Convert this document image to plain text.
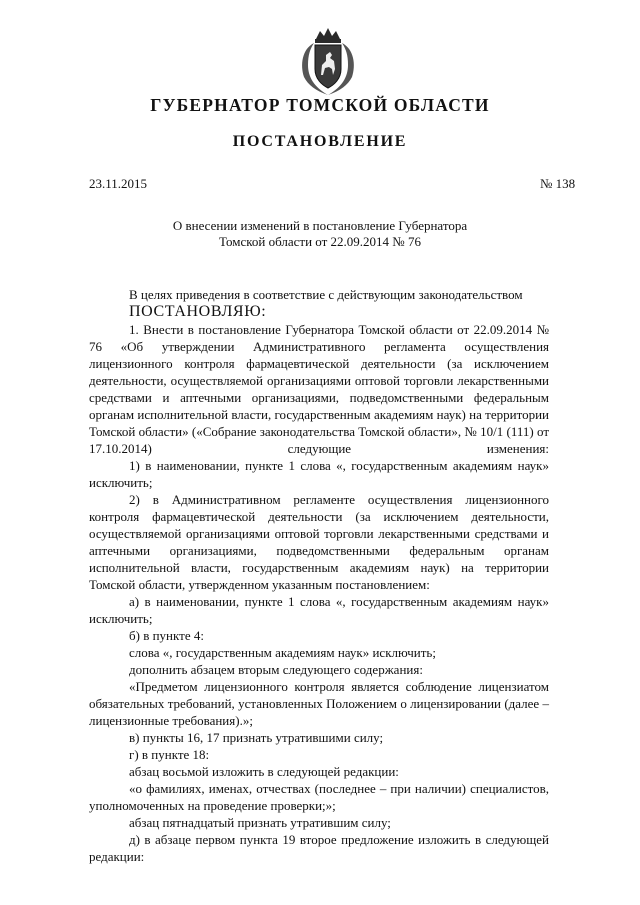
ГУБЕРНАТОР ТОМСКОЙ ОБЛАСТИ
ПОСТАНОВЛЕНИЕ
23.11.2015	№ 138
О внесении изменений в постановление Губернатора
Томской области от 22.09.2014 № 76
В целях приведения в соответствие с действующим законодательством
ПОСТАНОВЛЯЮ:
1. Внести в постановление Губернатора Томской области от 22.09.2014 № 76 «Об утверждении Административного регламента осуществления лицензионного контроля фармацевтической деятельности (за исключением деятельности, осуществляемой организациями оптовой торговли лекарственными средствами и аптечными организациями, подведомственными федеральным органам исполнительной власти, государственным академиям наук) на территории Томской области» («Собрание законодательства Томской области», № 10/1 (111) от 17.10.2014) следующие изменения:
1) в наименовании, пункте 1 слова «, государственным академиям наук» исключить;
2) в Административном регламенте осуществления лицензионного контроля фармацевтической деятельности (за исключением деятельности, осуществляемой организациями оптовой торговли лекарственными средствами и аптечными организациями, подведомственными федеральным органам исполнительной власти, государственным академиям наук) на территории Томской области, утвержденном указанным постановлением:
а) в наименовании, пункте 1 слова «, государственным академиям наук» исключить;
б) в пункте 4:
слова «, государственным академиям наук» исключить;
дополнить абзацем вторым следующего содержания:
«Предметом лицензионного контроля является соблюдение лицензиатом обязательных требований, установленных Положением о лицензировании (далее – лицензионные требования).»;
в) пункты 16, 17 признать утратившими силу;
г) в пункте 18:
абзац восьмой изложить в следующей редакции:
«о фамилиях, именах, отчествах (последнее – при наличии) специалистов, уполномоченных на проведение проверки;»;
абзац пятнадцатый признать утратившим силу;
д) в абзаце первом пункта 19 второе предложение изложить в следующей редакции:
